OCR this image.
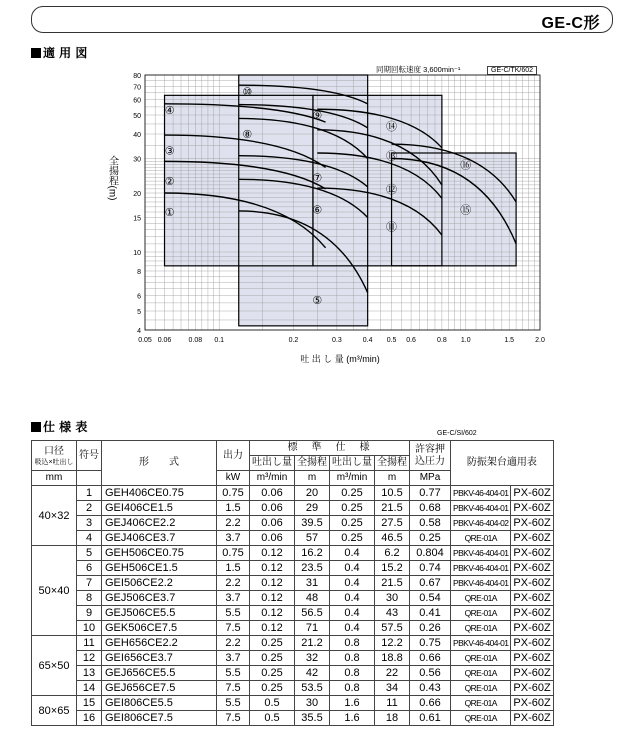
GE-C形
適 用 図
同期回転速度 3,600min⁻¹	GE-C/TK/602
①
②
③
④
⑤
⑥
⑦
⑧
⑨
⑩
⑪
⑫
⑬
⑭
⑮
⑯
0.05 0.06 0.08 0.1	0.2	0.3	0.4 0.5 0.6	0.8 1.0	1.5	2.0
4
5
6
8
10
15
20
30
40
50
60
70
80
全揚程(m)
吐 出 し 量 (m³/min)
仕 様 表	GE-C/SI/602
口径
吸込×吐出し	符号	形　　式	出力	標　準　仕　様				許容押込圧力	防振架台適用表	
				吐出し量	全揚程	吐出し量	全揚程			
mm			kW	m³/min	m	m³/min	m	MPa		
40×32	1	GEH406CE0.75	0.75	0.06	20	0.25	10.5	0.77	PBKV-46-404-01	PX-60Z
	2	GEI406CE1.5	1.5	0.06	29	0.25	21.5	0.68	PBKV-46-404-01	PX-60Z
	3	GEJ406CE2.2	2.2	0.06	39.5	0.25	27.5	0.58	PBKV-46-404-02	PX-60Z
	4	GEJ406CE3.7	3.7	0.06	57	0.25	46.5	0.25	QRE-01A	PX-60Z
50×40	5	GEH506CE0.75	0.75	0.12	16.2	0.4	6.2	0.804	PBKV-46-404-01	PX-60Z
	6	GEH506CE1.5	1.5	0.12	23.5	0.4	15.2	0.74	PBKV-46-404-01	PX-60Z
	7	GEI506CE2.2	2.2	0.12	31	0.4	21.5	0.67	PBKV-46-404-01	PX-60Z
	8	GEJ506CE3.7	3.7	0.12	48	0.4	30	0.54	QRE-01A	PX-60Z
	9	GEJ506CE5.5	5.5	0.12	56.5	0.4	43	0.41	QRE-01A	PX-60Z
	10	GEK506CE7.5	7.5	0.12	71	0.4	57.5	0.26	QRE-01A	PX-60Z
65×50	11	GEH656CE2.2	2.2	0.25	21.2	0.8	12.2	0.75	PBKV-46-404-01	PX-60Z
	12	GEI656CE3.7	3.7	0.25	32	0.8	18.8	0.66	QRE-01A	PX-60Z
	13	GEJ656CE5.5	5.5	0.25	42	0.8	22	0.56	QRE-01A	PX-60Z
	14	GEJ656CE7.5	7.5	0.25	53.5	0.8	34	0.43	QRE-01A	PX-60Z
80×65	15	GEI806CE5.5	5.5	0.5	30	1.6	11	0.66	QRE-01A	PX-60Z
	16	GEI806CE7.5	7.5	0.5	35.5	1.6	18	0.61	QRE-01A	PX-60Z
